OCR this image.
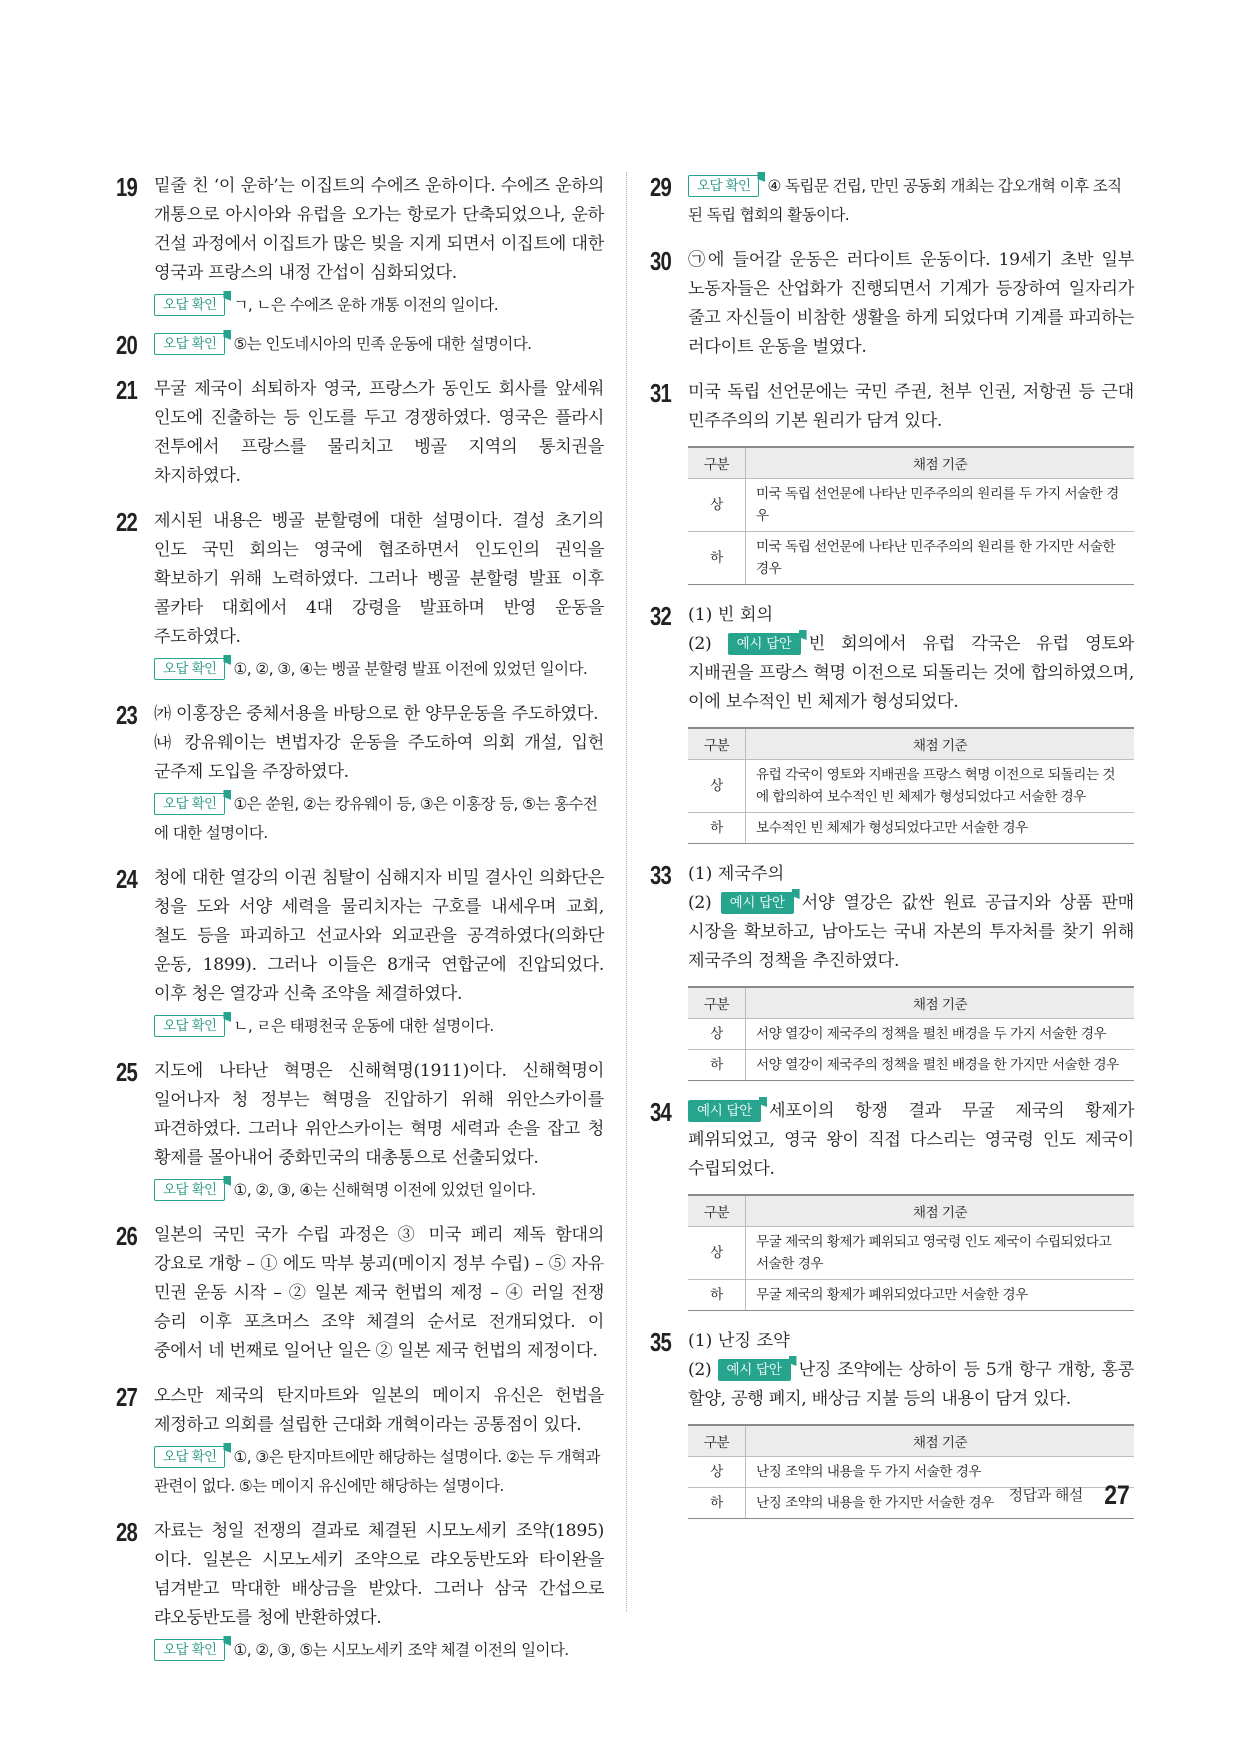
19 밑줄 친 ‘이 운하’는 이집트의 수에즈 운하이다. 수에즈 운하의 개통으로 아시아와 유럽을 오가는 항로가 단축되었으나, 운하 건설 과정에서 이집트가 많은 빚을 지게 되면서 이집트에 대한 영국과 프랑스의 내정 간섭이 심화되었다.
오답 확인 ㄱ, ㄴ은 수에즈 운하 개통 이전의 일이다.
20	오답 확인 ⑤는 인도네시아의 민족 운동에 대한 설명이다.
21 무굴 제국이 쇠퇴하자 영국, 프랑스가 동인도 회사를 앞세워 인도에 진출하는 등 인도를 두고 경쟁하였다. 영국은 플라시 전투에서 프랑스를 물리치고 벵골 지역의 통치권을 차지하였다.
22 제시된 내용은 벵골 분할령에 대한 설명이다. 결성 초기의 인도 국민 회의는 영국에 협조하면서 인도인의 권익을 확보하기 위해 노력하였다. 그러나 벵골 분할령 발표 이후 콜카타 대회에서 4대 강령을 발표하며 반영 운동을 주도하였다.
오답 확인 ①, ②, ③, ④는 벵골 분할령 발표 이전에 있었던 일이다.
23 ㈎ 이홍장은 중체서용을 바탕으로 한 양무운동을 주도하였다.
㈏ 캉유웨이는 변법자강 운동을 주도하여 의회 개설, 입헌 군주제 도입을 주장하였다.
오답 확인 ①은 쑨원, ②는 캉유웨이 등, ③은 이홍장 등, ⑤는 홍수전에 대한 설명이다.
24 청에 대한 열강의 이권 침탈이 심해지자 비밀 결사인 의화단은 청을 도와 서양 세력을 물리치자는 구호를 내세우며 교회, 철도 등을 파괴하고 선교사와 외교관을 공격하였다(의화단 운동, 1899). 그러나 이들은 8개국 연합군에 진압되었다. 이후 청은 열강과 신축 조약을 체결하였다.
오답 확인 ㄴ, ㄹ은 태평천국 운동에 대한 설명이다.
25 지도에 나타난 혁명은 신해혁명(1911)이다. 신해혁명이 일어나자 청 정부는 혁명을 진압하기 위해 위안스카이를 파견하였다. 그러나 위안스카이는 혁명 세력과 손을 잡고 청 황제를 몰아내어 중화민국의 대총통으로 선출되었다.
오답 확인 ①, ②, ③, ④는 신해혁명 이전에 있었던 일이다.
26 일본의 국민 국가 수립 과정은 ③ 미국 페리 제독 함대의 강요로 개항 – ① 에도 막부 붕괴(메이지 정부 수립) – ⑤ 자유 민권 운동 시작 – ② 일본 제국 헌법의 제정 – ④ 러일 전쟁 승리 이후 포츠머스 조약 체결의 순서로 전개되었다. 이 중에서 네 번째로 일어난 일은 ② 일본 제국 헌법의 제정이다.
27 오스만 제국의 탄지마트와 일본의 메이지 유신은 헌법을 제정하고 의회를 설립한 근대화 개혁이라는 공통점이 있다.
오답 확인 ①, ③은 탄지마트에만 해당하는 설명이다. ②는 두 개혁과 관련이 없다. ⑤는 메이지 유신에만 해당하는 설명이다.
28 자료는 청일 전쟁의 결과로 체결된 시모노세키 조약(1895)이다. 일본은 시모노세키 조약으로 랴오둥반도와 타이완을 넘겨받고 막대한 배상금을 받았다. 그러나 삼국 간섭으로 랴오둥반도를 청에 반환하였다.
오답 확인 ①, ②, ③, ⑤는 시모노세키 조약 체결 이전의 일이다.
29	오답 확인 ④ 독립문 건립, 만민 공동회 개최는 갑오개혁 이후 조직된 독립 협회의 활동이다.
30 ㉠에 들어갈 운동은 러다이트 운동이다. 19세기 초반 일부 노동자들은 산업화가 진행되면서 기계가 등장하여 일자리가 줄고 자신들이 비참한 생활을 하게 되었다며 기계를 파괴하는 러다이트 운동을 벌였다.
31 미국 독립 선언문에는 국민 주권, 천부 인권, 저항권 등 근대 민주주의의 기본 원리가 담겨 있다.
구분	채점 기준
상	미국 독립 선언문에 나타난 민주주의의 원리를 두 가지 서술한 경우
하	미국 독립 선언문에 나타난 민주주의의 원리를 한 가지만 서술한 경우
32 (1) 빈 회의
(2) 예시 답안 빈 회의에서 유럽 각국은 유럽 영토와 지배권을 프랑스 혁명 이전으로 되돌리는 것에 합의하였으며, 이에 보수적인 빈 체제가 형성되었다.
구분	채점 기준
상	유럽 각국이 영토와 지배권을 프랑스 혁명 이전으로 되돌리는 것에 합의하여 보수적인 빈 체제가 형성되었다고 서술한 경우
하	보수적인 빈 체제가 형성되었다고만 서술한 경우
33 (1) 제국주의
(2) 예시 답안 서양 열강은 값싼 원료 공급지와 상품 판매 시장을 확보하고, 남아도는 국내 자본의 투자처를 찾기 위해 제국주의 정책을 추진하였다.
구분	채점 기준
상	서양 열강이 제국주의 정책을 펼친 배경을 두 가지 서술한 경우
하	서양 열강이 제국주의 정책을 펼친 배경을 한 가지만 서술한 경우
34	예시 답안 세포이의 항쟁 결과 무굴 제국의 황제가 폐위되었고, 영국 왕이 직접 다스리는 영국령 인도 제국이 수립되었다.
구분	채점 기준
상	무굴 제국의 황제가 폐위되고 영국령 인도 제국이 수립되었다고 서술한 경우
하	무굴 제국의 황제가 폐위되었다고만 서술한 경우
35 (1) 난징 조약
(2) 예시 답안 난징 조약에는 상하이 등 5개 항구 개항, 홍콩 할양, 공행 폐지, 배상금 지불 등의 내용이 담겨 있다.
구분	채점 기준
상	난징 조약의 내용을 두 가지 서술한 경우
하	난징 조약의 내용을 한 가지만 서술한 경우 정답과 해설 27
